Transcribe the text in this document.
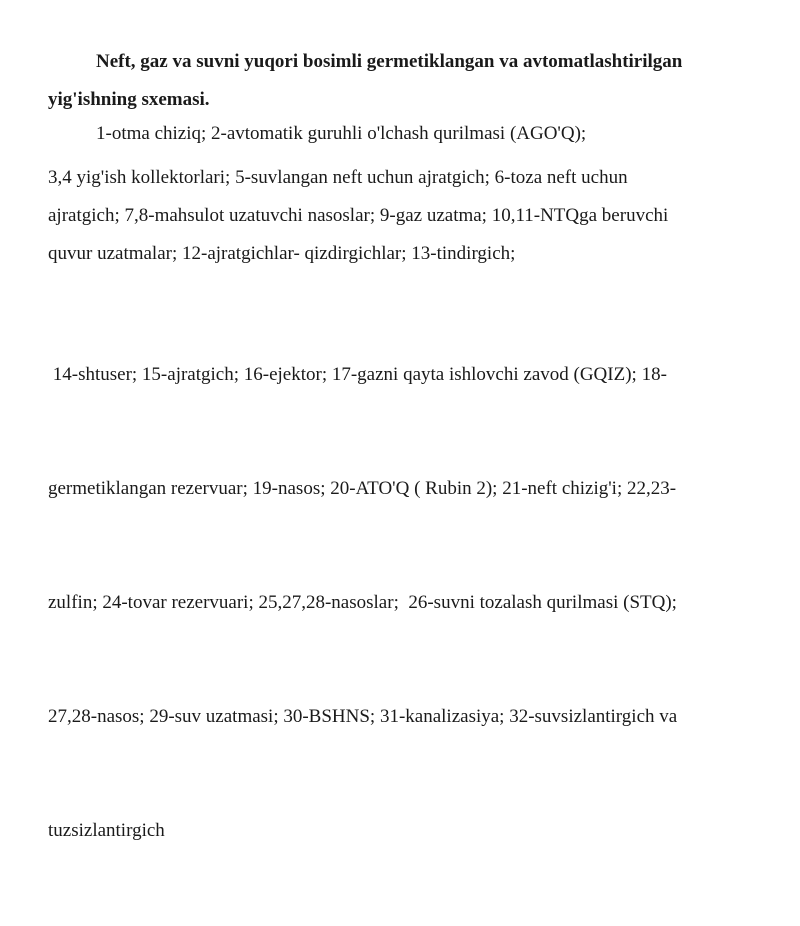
Neft, gaz va suvni yuqori bosimli germetiklangan va avtomatlashtirilgan yig'ishning sxemasi.

1-otma chiziq; 2-avtomatik guruhli o'lchash qurilmasi (AGO'Q);

3,4 yig'ish kollektorlari; 5-suvlangan neft uchun ajratgich; 6-toza neft uchun
ajratgich; 7,8-mahsulot uzatuvchi nasoslar; 9-gaz uzatma; 10,11-NTQga beruvchi
quvur uzatmalar; 12-ajratgichlar- qizdirgichlar; 13-tindirgich;

14-shtuser; 15-ajratgich; 16-ejektor; 17-gazni qayta ishlovchi zavod (GQIZ); 18-

germetiklangan rezervuar; 19-nasos; 20-ATO'Q ( Rubin 2); 21-neft chizig'i; 22,23-

zulfin; 24-tovar rezervuari; 25,27,28-nasoslar;  26-suvni tozalash qurilmasi (STQ);

27,28-nasos; 29-suv uzatmasi; 30-BSHNS; 31-kanalizasiya; 32-suvsizlantirgich va

tuzsizlantirgich
